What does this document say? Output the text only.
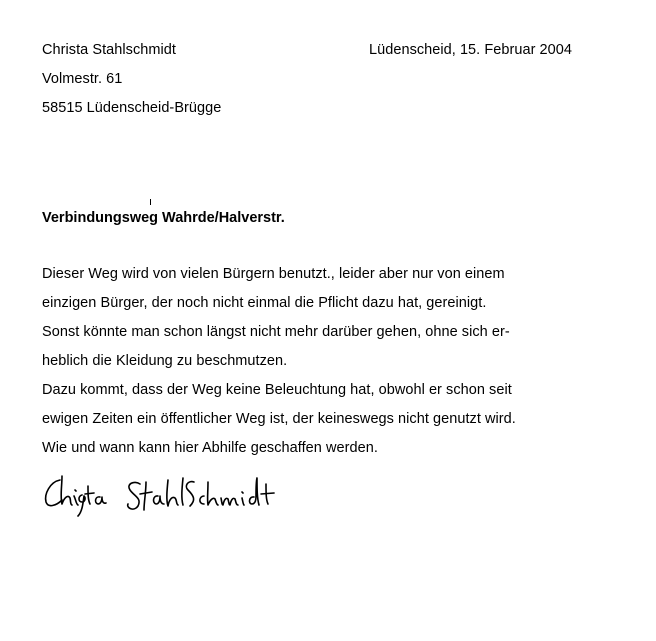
Christa Stahlschmidt
Volmestr. 61
58515 Lüdenscheid-Brügge
Lüdenscheid, 15. Februar 2004
Verbindungsweg Wahrde/Halverstr.
Dieser Weg wird von vielen Bürgern benutzt., leider aber nur von einem
einzigen Bürger, der noch nicht einmal die Pflicht dazu hat, gereinigt.
Sonst könnte man schon längst nicht mehr darüber gehen, ohne sich er-
heblich die Kleidung zu beschmutzen.
Dazu kommt, dass der Weg keine Beleuchtung hat, obwohl er schon seit
ewigen Zeiten ein öffentlicher Weg ist, der keineswegs nicht genutzt wird.
Wie und wann kann hier Abhilfe geschaffen werden.
